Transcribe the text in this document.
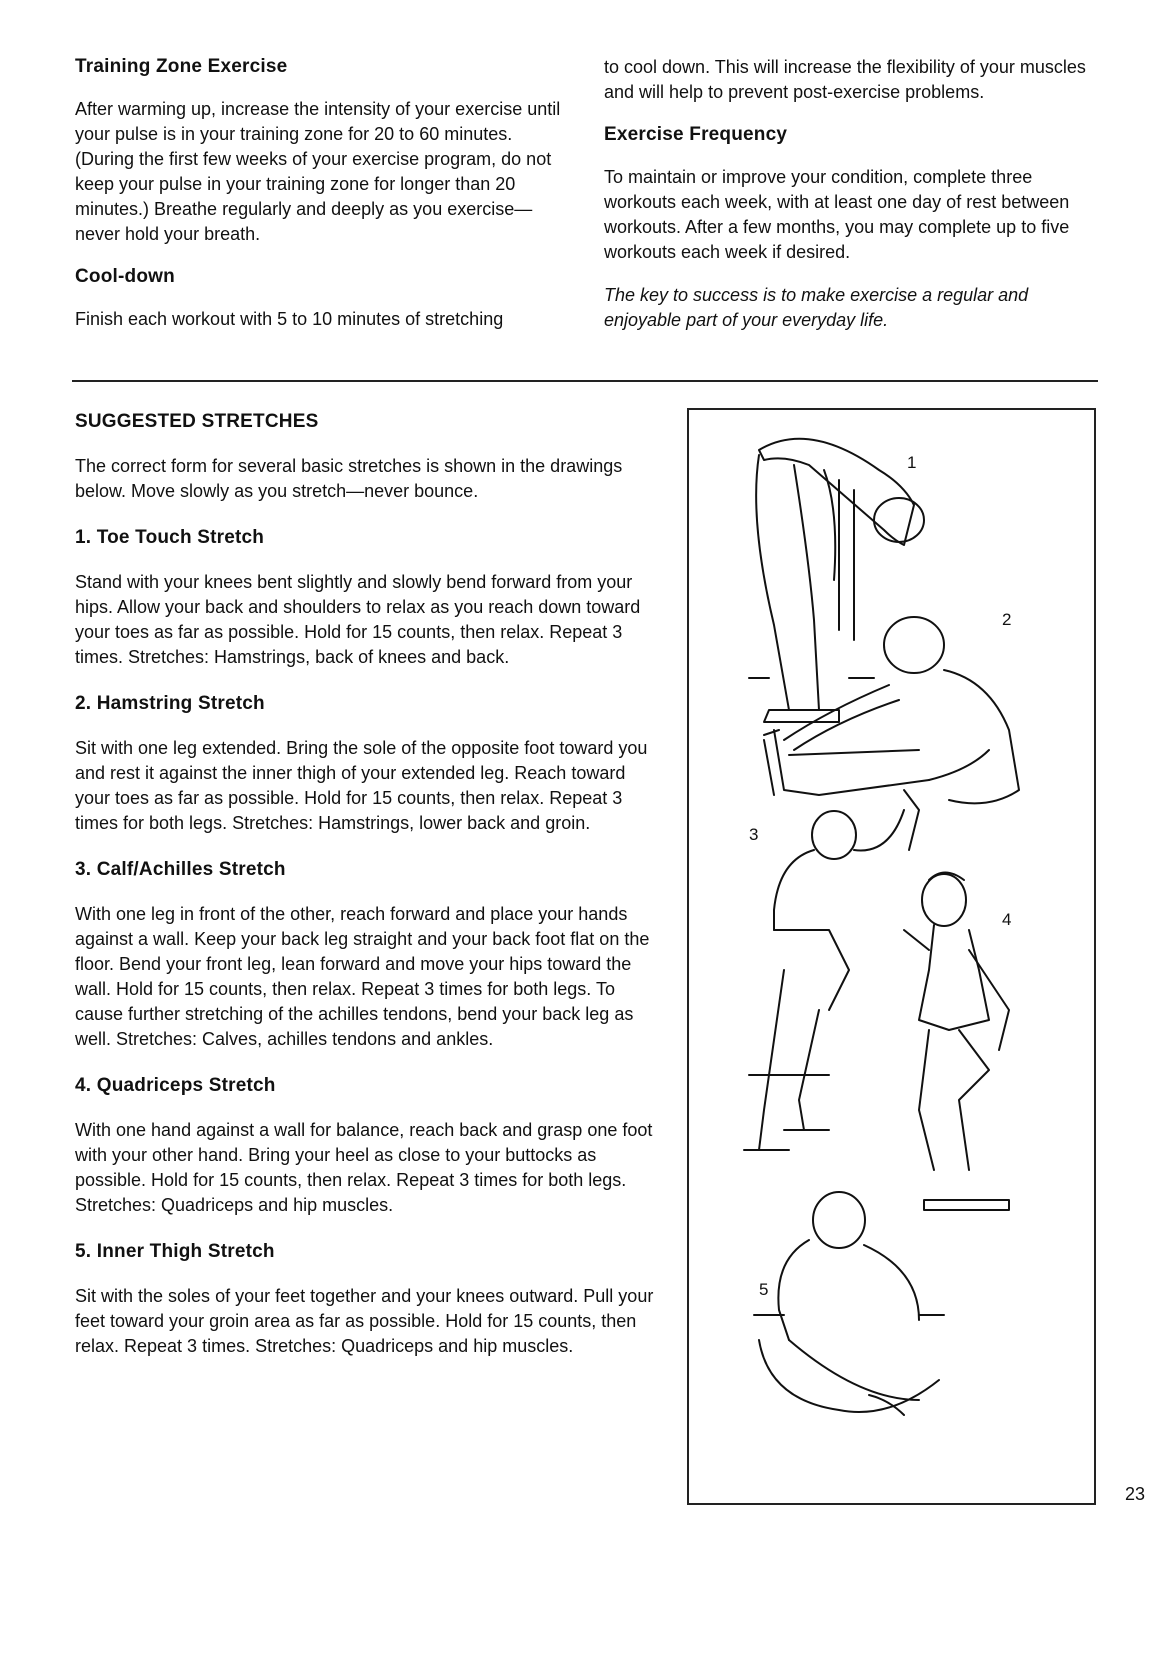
Training Zone Exercise
After warming up, increase the intensity of your exercise until your pulse is in your training zone for 20 to 60 minutes. (During the first few weeks of your exercise program, do not keep your pulse in your training zone for longer than 20 minutes.) Breathe regularly and deeply as you exercise—never hold your breath.
Cool-down
Finish each workout with 5 to 10 minutes of stretching
to cool down. This will increase the flexibility of your muscles and will help to prevent post-exercise problems.
Exercise Frequency
To maintain or improve your condition, complete three workouts each week, with at least one day of rest between workouts. After a few months, you may complete up to five workouts each week if desired.
The key to success is to make exercise a regular and enjoyable part of your everyday life.
SUGGESTED STRETCHES
The correct form for several basic stretches is shown in the drawings below. Move slowly as you stretch—never bounce.
1. Toe Touch Stretch
Stand with your knees bent slightly and slowly bend forward from your hips. Allow your back and shoulders to relax as you reach down toward your toes as far as possible. Hold for 15 counts, then relax. Repeat 3 times. Stretches: Hamstrings, back of knees and back.
2. Hamstring Stretch
Sit with one leg extended. Bring the sole of the opposite foot toward you and rest it against the inner thigh of your extended leg. Reach toward your toes as far as possible. Hold for 15 counts, then relax. Repeat 3 times for both legs. Stretches: Hamstrings, lower back and groin.
3. Calf/Achilles Stretch
With one leg in front of the other, reach forward and place your hands against a wall. Keep your back leg straight and your back foot flat on the floor. Bend your front leg, lean forward and move your hips toward the wall. Hold for 15 counts, then relax. Repeat 3 times for both legs. To cause further stretching of the achilles tendons, bend your back leg as well. Stretches: Calves, achilles tendons and ankles.
4. Quadriceps Stretch
With one hand against a wall for balance, reach back and grasp one foot with your other hand. Bring your heel as close to your buttocks as possible. Hold for 15 counts, then relax. Repeat 3 times for both legs. Stretches: Quadriceps and hip muscles.
5. Inner Thigh Stretch
Sit with the soles of your feet together and your knees outward. Pull your feet toward your groin area as far as possible. Hold for 15 counts, then relax. Repeat 3 times. Stretches: Quadriceps and hip muscles.
1
2
3
4
5
23
